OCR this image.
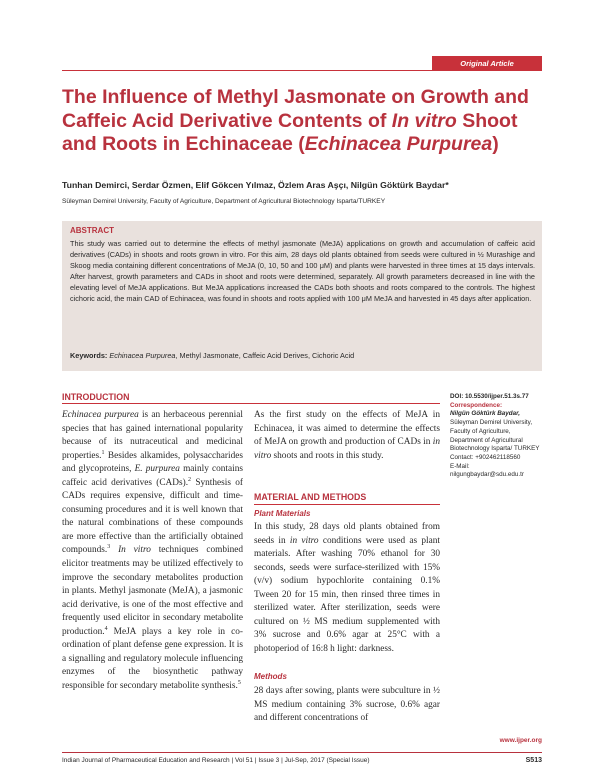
Original Article
The Influence of Methyl Jasmonate on Growth and Caffeic Acid Derivative Contents of In vitro Shoot and Roots in Echinaceae (Echinacea Purpurea)
Tunhan Demirci, Serdar Özmen, Elif Gökcen Yılmaz, Özlem Aras Aşçı, Nilgün Göktürk Baydar*
Süleyman Demirel University, Faculty of Agriculture, Department of Agricultural Biotechnology Isparta/TURKEY
ABSTRACT
This study was carried out to determine the effects of methyl jasmonate (MeJA) applications on growth and accumulation of caffeic acid derivatives (CADs) in shoots and roots grown in vitro. For this aim, 28 days old plants obtained from seeds were cultured in ½ Murashige and Skoog media containing different concentrations of MeJA (0, 10, 50 and 100 μM) and plants were harvested in three times at 15 days intervals. After harvest, growth parameters and CADs in shoot and roots were determined, separately. All growth parameters decreased in line with the elevating level of MeJA applications. But MeJA applications increased the CADs both shoots and roots compared to the controls. The highest cichoric acid, the main CAD of Echinacea, was found in shoots and roots applied with 100 μM MeJA and harvested in 45 days after application.
Keywords: Echinacea Purpurea, Methyl Jasmonate, Caffeic Acid Derives, Cichoric Acid
INTRODUCTION
Echinacea purpurea is an herbaceous perennial species that has gained international popularity because of its nutraceutical and medicinal properties.$^1$ Besides alkamides, polysaccharides and glycoproteins, E. purpurea mainly contains caffeic acid derivatives (CADs).$^2$ Synthesis of CADs requires expensive, difficult and time-consuming procedures and it is well known that the natural combinations of these compounds are more effective than the artificially obtained compounds.$^3$ In vitro techniques combined elicitor treatments may be utilized effectively to improve the secondary metabolites production in plants. Methyl jasmonate (MeJA), a jasmonic acid derivative, is one of the most effective and frequently used elicitor in secondary metabolite production.$^4$ MeJA plays a key role in co-ordination of plant defense gene expression. It is a signalling and regulatory molecule influencing enzymes of the biosynthetic pathway responsible for secondary metabolite synthesis.$^5$
As the first study on the effects of MeJA in Echinacea, it was aimed to determine the effects of MeJA on growth and production of CADs in in vitro shoots and roots in this study.
MATERIAL AND METHODS
Plant Materials
In this study, 28 days old plants obtained from seeds in in vitro conditions were used as plant materials. After washing 70% ethanol for 30 seconds, seeds were surface-sterilized with 15% (v/v) sodium hypochlorite containing 0.1% Tween 20 for 15 min, then rinsed three times in sterilized water. After sterilization, seeds were cultured on ½ MS medium supplemented with 3% sucrose and 0.6% agar at 25°C with a photoperiod of 16:8 h light: darkness.
Methods
28 days after sowing, plants were subculture in ½ MS medium containing 3% sucrose, 0.6% agar and different concentrations of
DOI: 10.5530/ijper.51.3s.77
Correspondence:
Nilgün Göktürk Baydar,
Süleyman Demirel University, Faculty of Agriculture, Department of Agricultural Biotechnology Isparta/ TURKEY
Contact: +902462118560
E-Mail: nilgungbaydar@sdu.edu.tr
www.ijper.org
Indian Journal of Pharmaceutical Education and Research | Vol 51 | Issue 3 | Jul-Sep, 2017 (Special Issue)	S513
